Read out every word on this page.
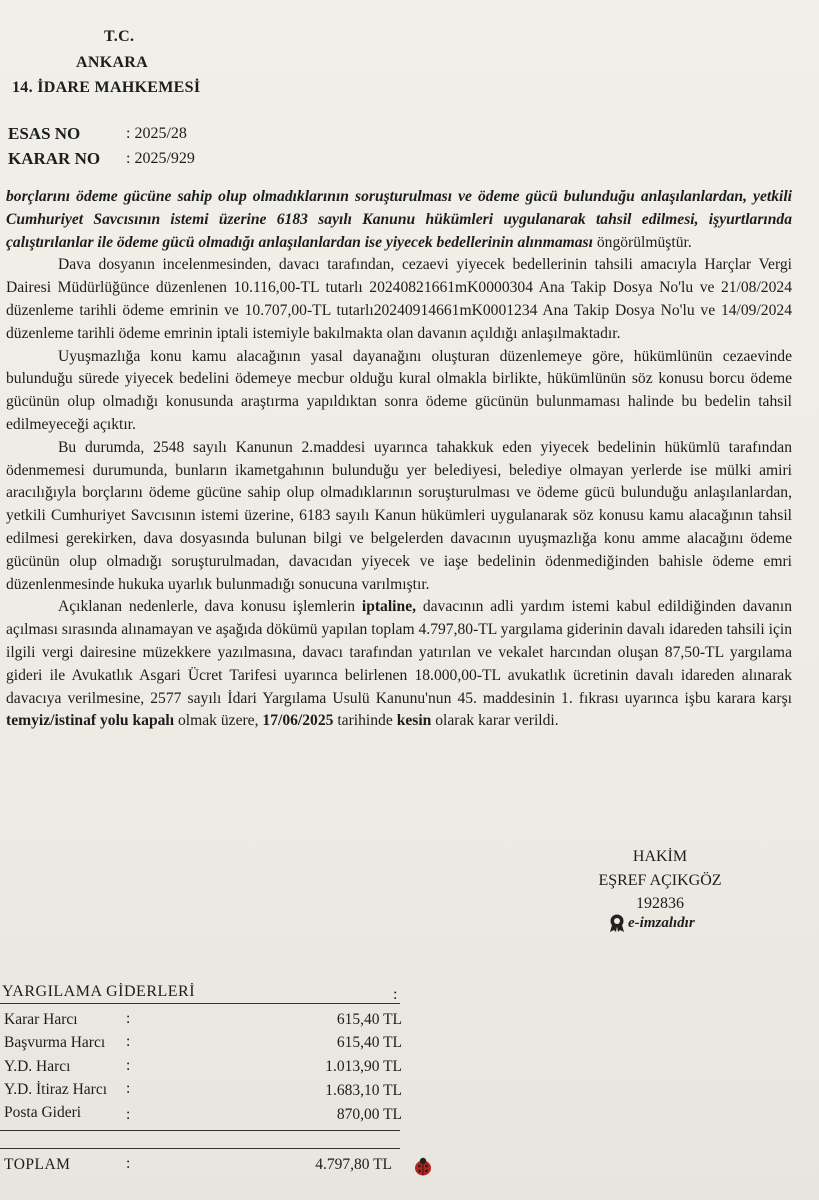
T.C.
ANKARA
14. İDARE MAHKEMESİ
ESAS NO	: 2025/28
KARAR NO : 2025/929

borçlarını ödeme gücüne sahip olup olmadıklarının soruşturulması ve ödeme gücü bulunduğu anlaşılanlardan, yetkili Cumhuriyet Savcısının istemi üzerine 6183 sayılı Kanunu hükümleri uygulanarak tahsil edilmesi, işyurtlarında çalıştırılanlar ile ödeme gücü olmadığı anlaşılanlardan ise yiyecek bedellerinin alınmaması öngörülmüştür.

Dava dosyanın incelenmesinden, davacı tarafından, cezaevi yiyecek bedellerinin tahsili amacıyla Harçlar Vergi Dairesi Müdürlüğünce düzenlenen 10.116,00-TL tutarlı 20240821661mK0000304 Ana Takip Dosya No'lu ve 21/08/2024 düzenleme tarihli ödeme emrinin ve 10.707,00-TL tutarlı20240914661mK0001234 Ana Takip Dosya No'lu ve 14/09/2024 düzenleme tarihli ödeme emrinin iptali istemiyle bakılmakta olan davanın açıldığı anlaşılmaktadır.

Uyuşmazlığa konu kamu alacağının yasal dayanağını oluşturan düzenlemeye göre, hükümlünün cezaevinde bulunduğu sürede yiyecek bedelini ödemeye mecbur olduğu kural olmakla birlikte, hükümlünün söz konusu borcu ödeme gücünün olup olmadığı konusunda araştırma yapıldıktan sonra ödeme gücünün bulunmaması halinde bu bedelin tahsil edilmeyeceği açıktır.

Bu durumda, 2548 sayılı Kanunun 2.maddesi uyarınca tahakkuk eden yiyecek bedelinin hükümlü tarafından ödenmemesi durumunda, bunların ikametgahının bulunduğu yer belediyesi, belediye olmayan yerlerde ise mülki amiri aracılığıyla borçlarını ödeme gücüne sahip olup olmadıklarının soruşturulması ve ödeme gücü bulunduğu anlaşılanlardan, yetkili Cumhuriyet Savcısının istemi üzerine, 6183 sayılı Kanun hükümleri uygulanarak söz konusu kamu alacağının tahsil edilmesi gerekirken, dava dosyasında bulunan bilgi ve belgelerden davacının uyuşmazlığa konu amme alacağını ödeme gücünün olup olmadığı soruşturulmadan, davacıdan yiyecek ve iaşe bedelinin ödenmediğinden bahisle ödeme emri düzenlenmesinde hukuka uyarlık bulunmadığı sonucuna varılmıştır.

Açıklanan nedenlerle, dava konusu işlemlerin iptaline, davacının adli yardım istemi kabul edildiğinden davanın açılması sırasında alınamayan ve aşağıda dökümü yapılan toplam 4.797,80-TL yargılama giderinin davalı idareden tahsili için ilgili vergi dairesine müzekkere yazılmasına, davacı tarafından yatırılan ve vekalet harcından oluşan 87,50-TL yargılama gideri ile Avukatlık Asgari Ücret Tarifesi uyarınca belirlenen 18.000,00-TL avukatlık ücretinin davalı idareden alınarak davacıya verilmesine, 2577 sayılı İdari Yargılama Usulü Kanunu'nun 45. maddesinin 1. fıkrası uyarınca işbu karara karşı temyiz/istinaf yolu kapalı olmak üzere, 17/06/2025 tarihinde kesin olarak karar verildi.

HAKİM
EŞREF AÇIKGÖZ
192836
e-imzalıdır
YARGILAMA GİDERLERİ	:
Karar Harcı	:	615,40 TL
Başvurma Harcı :	615,40 TL
Y.D. Harcı	:	1.013,90 TL
Y.D. İtiraz Harcı :	1.683,10 TL
Posta Gideri	:	870,00 TL
TOPLAM	:	4.797,80 TL
